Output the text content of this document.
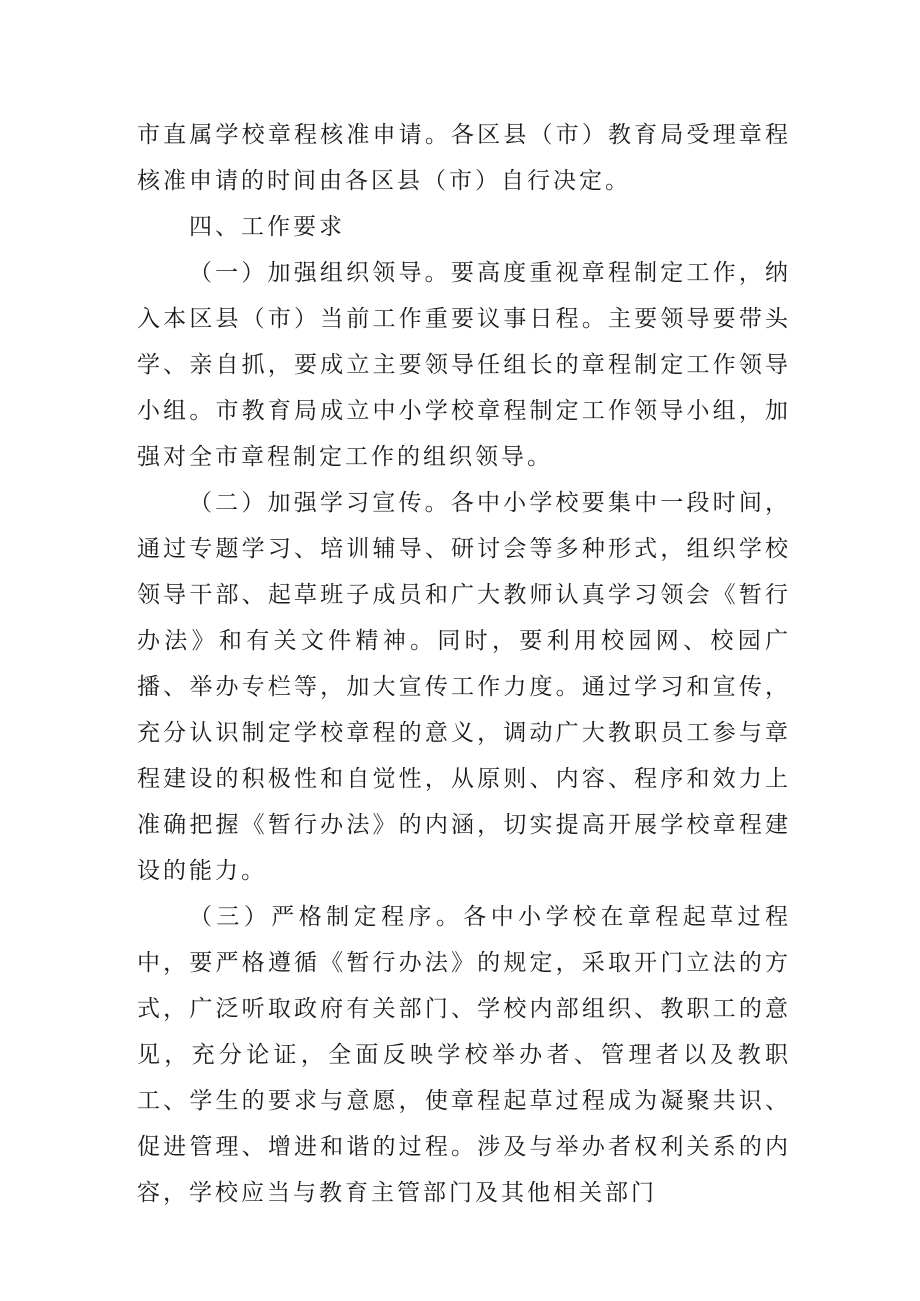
市直属学校章程核准申请。各区县（市）教育局受理章程核准申请的时间由各区县（市）自行决定。

四、工作要求

（一）加强组织领导。要高度重视章程制定工作，纳入本区县（市）当前工作重要议事日程。主要领导要带头学、亲自抓，要成立主要领导任组长的章程制定工作领导小组。市教育局成立中小学校章程制定工作领导小组，加强对全市章程制定工作的组织领导。

（二）加强学习宣传。各中小学校要集中一段时间，通过专题学习、培训辅导、研讨会等多种形式，组织学校领导干部、起草班子成员和广大教师认真学习领会《暂行办法》和有关文件精神。同时，要利用校园网、校园广播、举办专栏等，加大宣传工作力度。通过学习和宣传，充分认识制定学校章程的意义，调动广大教职员工参与章程建设的积极性和自觉性，从原则、内容、程序和效力上准确把握《暂行办法》的内涵，切实提高开展学校章程建设的能力。

（三）严格制定程序。各中小学校在章程起草过程中，要严格遵循《暂行办法》的规定，采取开门立法的方式，广泛听取政府有关部门、学校内部组织、教职工的意见，充分论证，全面反映学校举办者、管理者以及教职工、学生的要求与意愿，使章程起草过程成为凝聚共识、促进管理、增进和谐的过程。涉及与举办者权利关系的内容，学校应当与教育主管部门及其他相关部门
